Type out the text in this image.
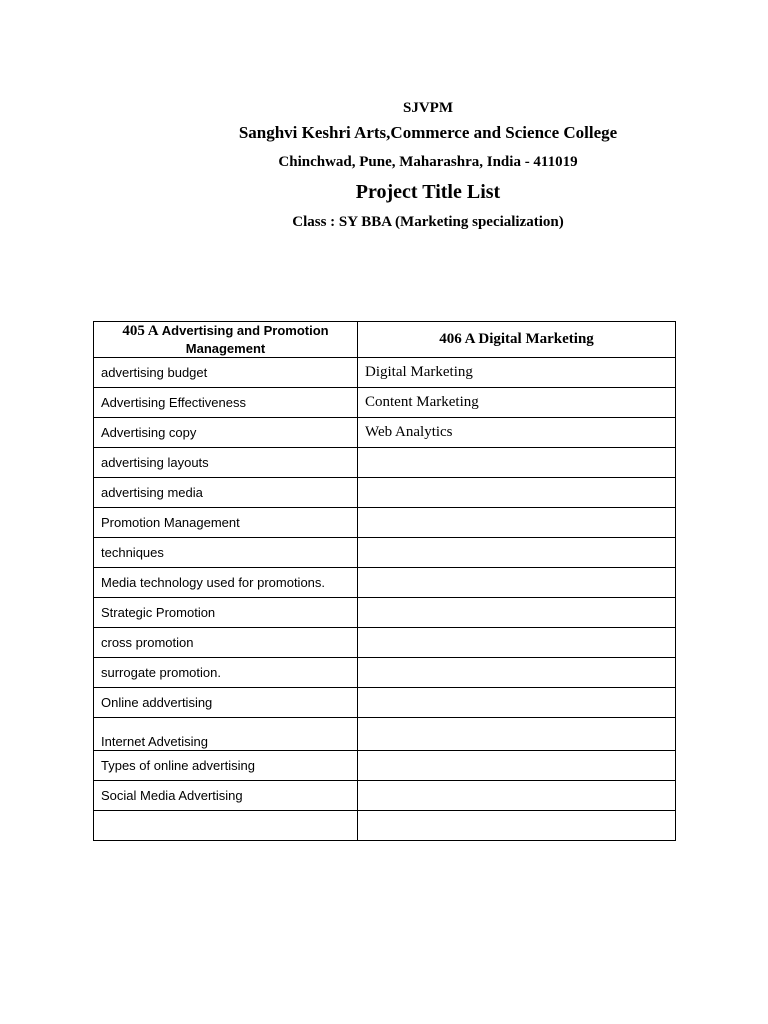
SJVPM
Sanghvi Keshri Arts,Commerce and Science College
Chinchwad, Pune, Maharashra, India - 411019
Project Title List
Class : SY BBA (Marketing specialization)
405 A Advertising and Promotion Management	406 A Digital Marketing
advertising budget	Digital Marketing
Advertising Effectiveness	Content Marketing
Advertising copy	Web Analytics
advertising layouts	
advertising media	
Promotion Management	
techniques	
Media technology used for promotions.	
Strategic Promotion	
cross promotion	
surrogate promotion.	
Online addvertising	
Internet Advetising	
Types of online advertising	
Social Media Advertising	
